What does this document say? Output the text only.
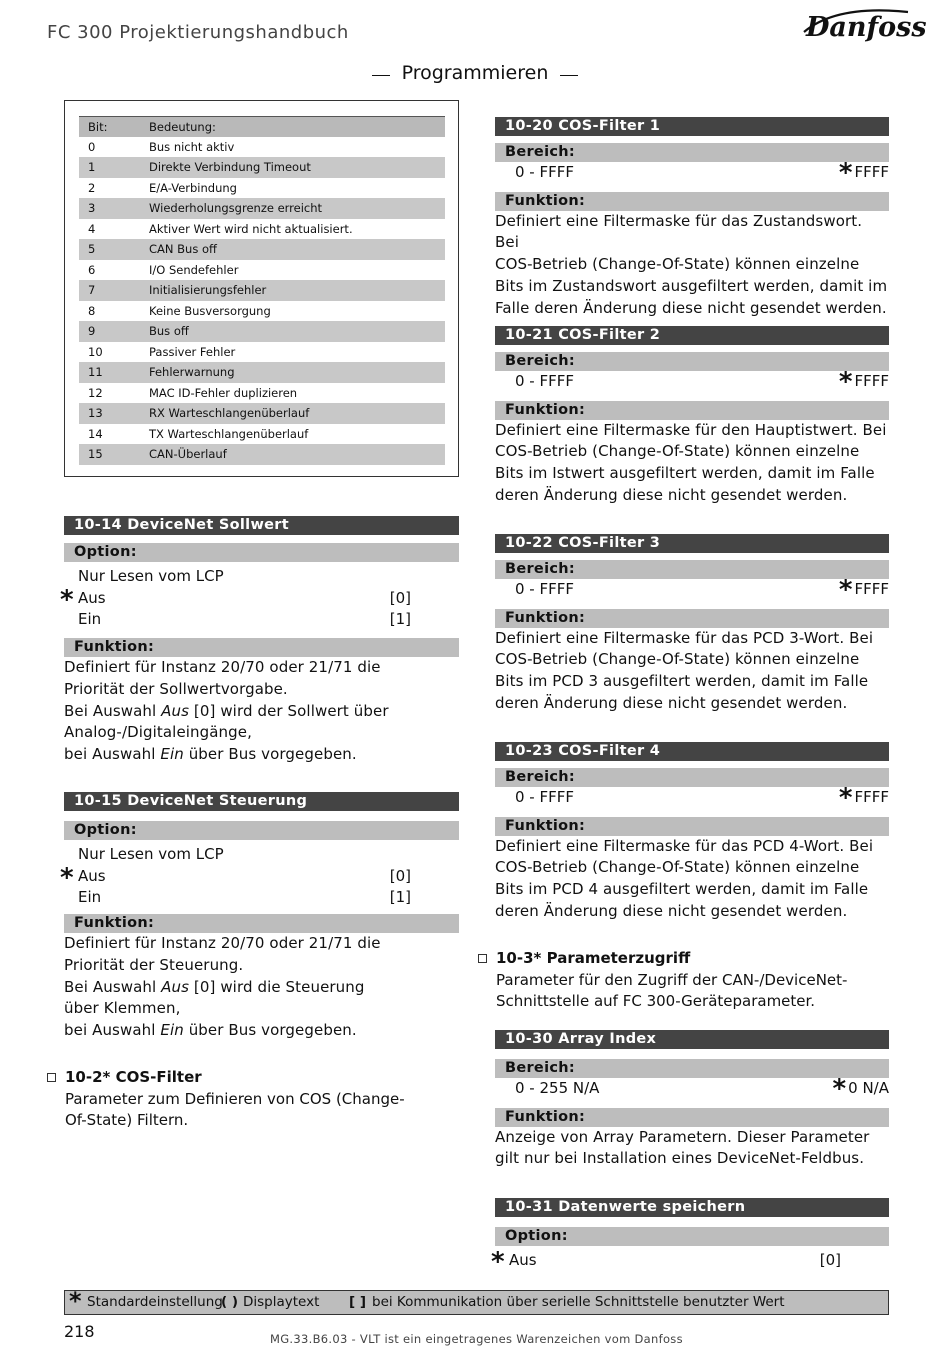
FC 300 Projektierungshandbuch	Danfoss
Programmieren
Bit:	Bedeutung:
0	Bus nicht aktiv
1	Direkte Verbindung Timeout
2	E/A-Verbindung
3	Wiederholungsgrenze erreicht
4	Aktiver Wert wird nicht aktualisiert.
5	CAN Bus off
6	I/O Sendefehler
7	Initialisierungsfehler
8	Keine Busversorgung
9	Bus off
10	Passiver Fehler
11	Fehlerwarnung
12	MAC ID-Fehler duplizieren
13	RX Warteschlangenüberlauf
14	TX Warteschlangenüberlauf
15	CAN-Überlauf
10-14 DeviceNet Sollwert
Option:
Nur Lesen vom LCP
* Aus	[0]
Ein	[1]
Funktion:
Definiert für Instanz 20/70 oder 21/71 die
Priorität der Sollwertvorgabe.
Bei Auswahl Aus [0] wird der Sollwert über
Analog-/Digitaleingänge,
bei Auswahl Ein über Bus vorgegeben.
10-15 DeviceNet Steuerung
Option:
Nur Lesen vom LCP
* Aus	[0]
Ein	[1]
Funktion:
Definiert für Instanz 20/70 oder 21/71 die
Priorität der Steuerung.
Bei Auswahl Aus [0] wird die Steuerung
über Klemmen,
bei Auswahl Ein über Bus vorgegeben.
10-2* COS-Filter
Parameter zum Definieren von COS (Change-
Of-State) Filtern.
10-20 COS-Filter 1
Bereich:
0 - FFFF	* FFFF
Funktion:
Definiert eine Filtermaske für das Zustandswort. Bei
COS-Betrieb (Change-Of-State) können einzelne
Bits im Zustandswort ausgefiltert werden, damit im
Falle deren Änderung diese nicht gesendet werden.
10-21 COS-Filter 2
Bereich:
0 - FFFF	* FFFF
Funktion:
Definiert eine Filtermaske für den Hauptistwert. Bei
COS-Betrieb (Change-Of-State) können einzelne
Bits im Istwert ausgefiltert werden, damit im Falle
deren Änderung diese nicht gesendet werden.
10-22 COS-Filter 3
Bereich:
0 - FFFF	* FFFF
Funktion:
Definiert eine Filtermaske für das PCD 3-Wort. Bei
COS-Betrieb (Change-Of-State) können einzelne
Bits im PCD 3 ausgefiltert werden, damit im Falle
deren Änderung diese nicht gesendet werden.
10-23 COS-Filter 4
Bereich:
0 - FFFF	* FFFF
Funktion:
Definiert eine Filtermaske für das PCD 4-Wort. Bei
COS-Betrieb (Change-Of-State) können einzelne
Bits im PCD 4 ausgefiltert werden, damit im Falle
deren Änderung diese nicht gesendet werden.
10-3* Parameterzugriff
Parameter für den Zugriff der CAN-/DeviceNet-
Schnittstelle auf FC 300-Geräteparameter.
10-30 Array Index
Bereich:
0 - 255 N/A	* 0 N/A
Funktion:
Anzeige von Array Parametern. Dieser Parameter
gilt nur bei Installation eines DeviceNet-Feldbus.
10-31 Datenwerte speichern
Option:
* Aus	[0]
* Standardeinstellung
( ) Displaytext [ ] bei Kommunikation über serielle Schnittstelle benutzter Wert
218	MG.33.B6.03 - VLT ist ein eingetragenes Warenzeichen vom Danfoss
